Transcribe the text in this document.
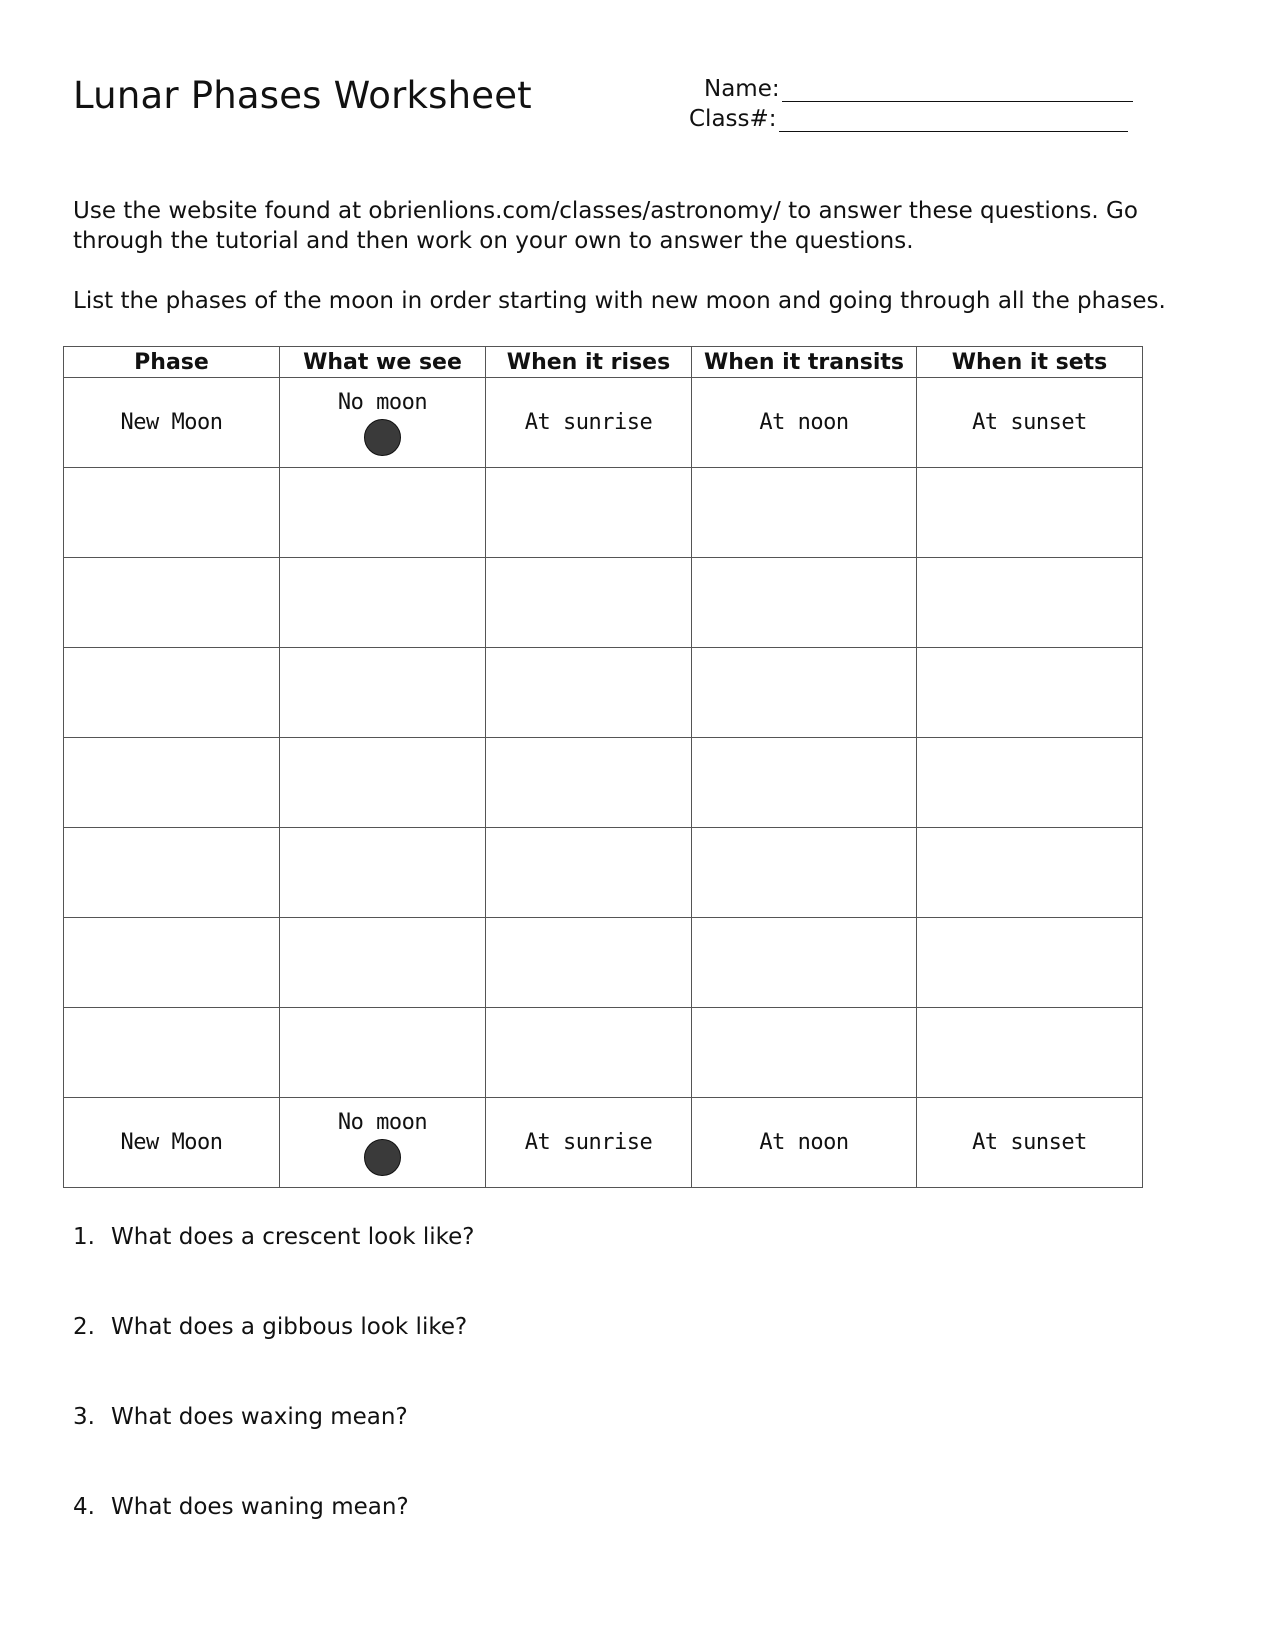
Lunar Phases Worksheet	Name:
Class#:
Use the website found at obrienlions.com/classes/astronomy/ to answer these questions. Go through the tutorial and then work on your own to answer the questions.
List the phases of the moon in order starting with new moon and going through all the phases.
Phase	What we see	When it rises	When it transits	When it sets
New Moon	No moon	At sunrise	At noon	At sunset

New Moon	No moon	At sunrise	At noon	At sunset
1. What does a crescent look like?
2. What does a gibbous look like?
3. What does waxing mean?
4. What does waning mean?
